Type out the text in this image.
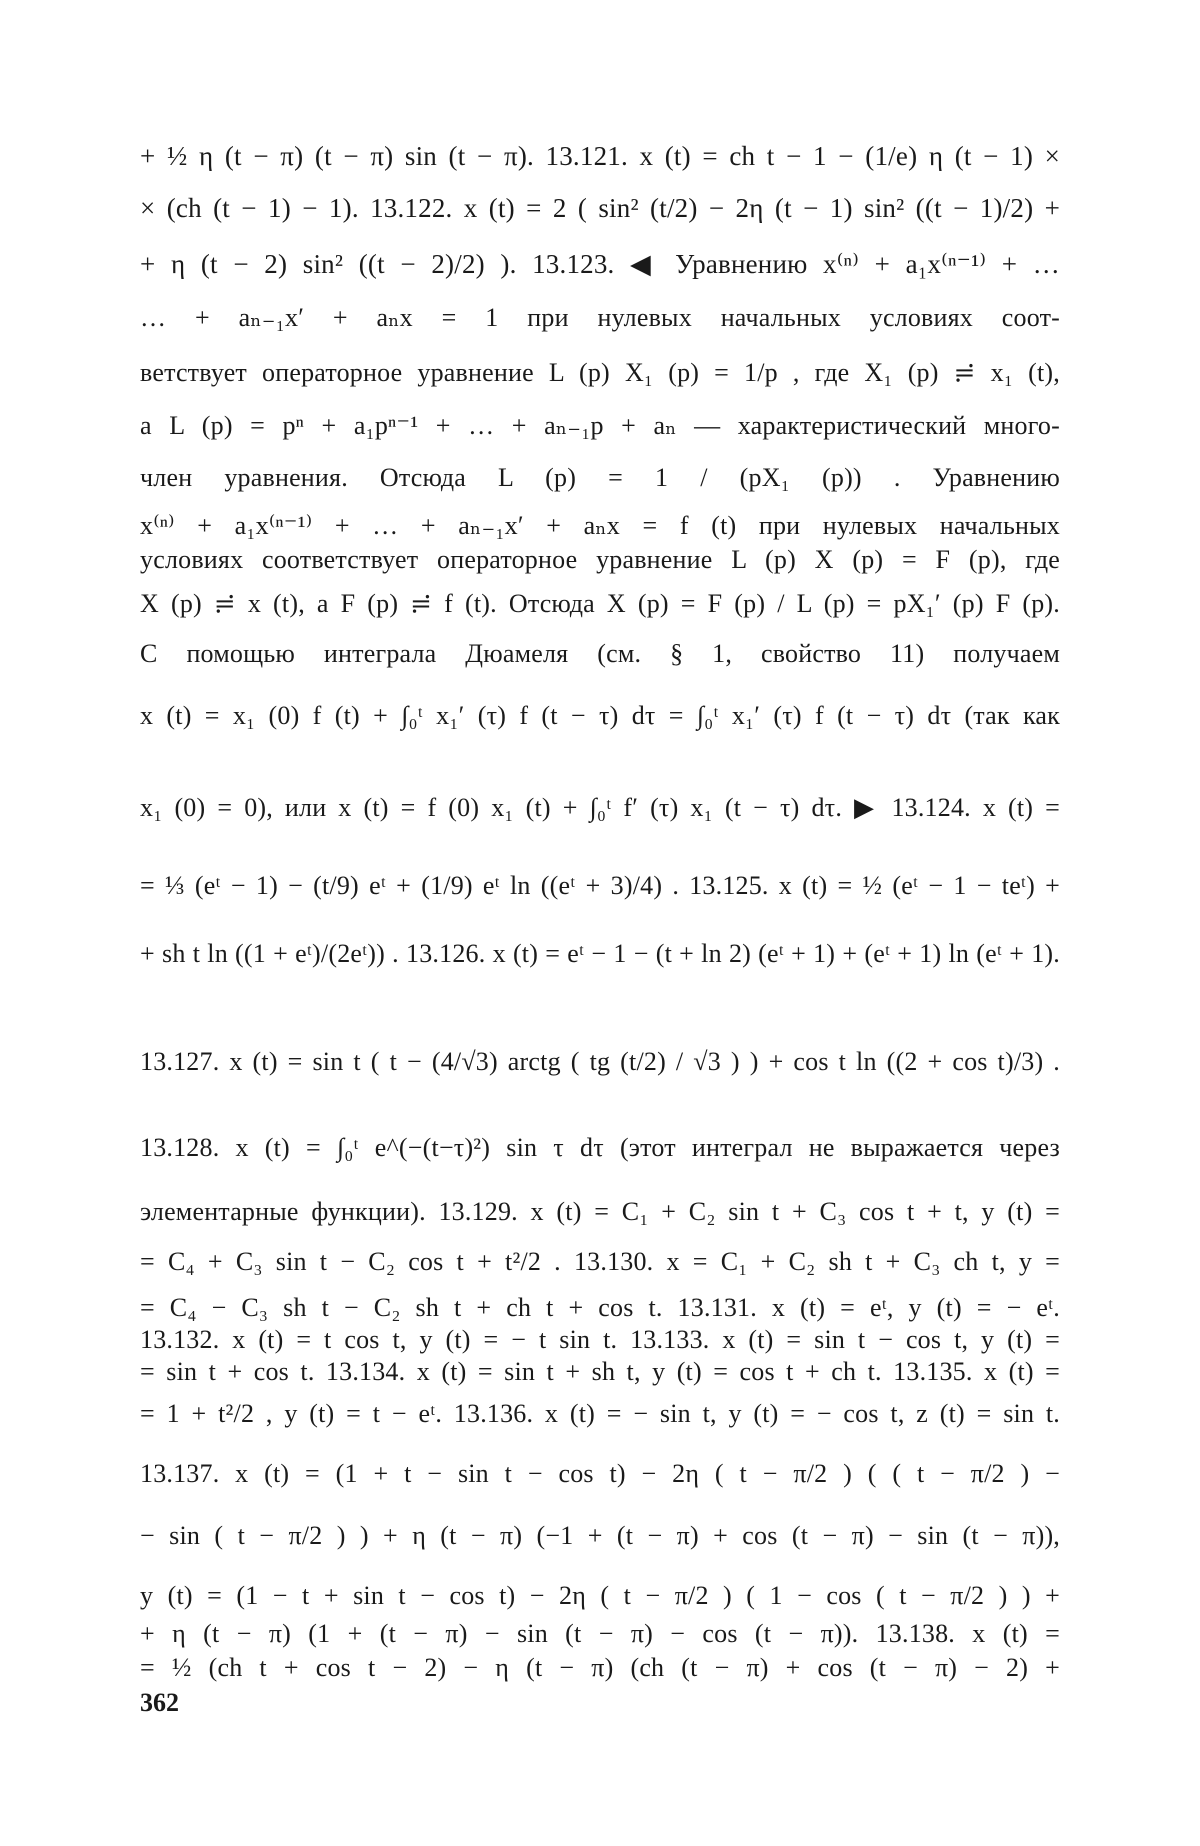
+ ½ η (t − π) (t − π) sin (t − π). 13.121. x (t) = ch t − 1 − (1/e) η (t − 1) ×
× (ch (t − 1) − 1). 13.122. x (t) = 2 ( sin² (t/2) − 2η (t − 1) sin² ((t − 1)/2) +
+ η (t − 2) sin² ((t − 2)/2) ). 13.123. ◀ Уравнению x⁽ⁿ⁾ + a₁x⁽ⁿ⁻¹⁾ + …
… + aₙ₋₁x′ + aₙx = 1 при нулевых начальных условиях соот-
ветствует операторное уравнение L (p) X₁ (p) = 1/p , где X₁ (p) ≓ x₁ (t),
а L (p) = pⁿ + a₁pⁿ⁻¹ + … + aₙ₋₁p + aₙ — характеристический много-
член уравнения. Отсюда L (p) = 1 / (pX₁ (p)) . Уравнению
x⁽ⁿ⁾ + a₁x⁽ⁿ⁻¹⁾ + … + aₙ₋₁x′ + aₙx = f (t) при нулевых начальных
условиях соответствует операторное уравнение L (p) X (p) = F (p), где
X (p) ≓ x (t), а F (p) ≓ f (t). Отсюда X (p) = F (p) / L (p) = pX₁′ (p) F (p).
С помощью интеграла Дюамеля (см. § 1, свойство 11) получаем
x (t) = x₁ (0) f (t) + ∫₀ᵗ x₁′ (τ) f (t − τ) dτ = ∫₀ᵗ x₁′ (τ) f (t − τ) dτ (так как
x₁ (0) = 0), или x (t) = f (0) x₁ (t) + ∫₀ᵗ f′ (τ) x₁ (t − τ) dτ. ▶ 13.124. x (t) =
= ⅓ (eᵗ − 1) − (t/9) eᵗ + (1/9) eᵗ ln ((eᵗ + 3)/4) . 13.125. x (t) = ½ (eᵗ − 1 − teᵗ) +
+ sh t ln ((1 + eᵗ)/(2eᵗ)) . 13.126. x (t) = eᵗ − 1 − (t + ln 2) (eᵗ + 1) + (eᵗ + 1) ln (eᵗ + 1).
13.127. x (t) = sin t ( t − (4/√3) arctg ( tg (t/2) / √3 ) ) + cos t ln ((2 + cos t)/3) .
13.128. x (t) = ∫₀ᵗ e^(−(t−τ)²) sin τ dτ (этот интеграл не выражается через
элементарные функции). 13.129. x (t) = C₁ + C₂ sin t + C₃ cos t + t, y (t) =
= C₄ + C₃ sin t − C₂ cos t + t²/2 . 13.130. x = C₁ + C₂ sh t + C₃ ch t, y =
= C₄ − C₃ sh t − C₂ sh t + ch t + cos t. 13.131. x (t) = eᵗ, y (t) = − eᵗ.
13.132. x (t) = t cos t, y (t) = − t sin t. 13.133. x (t) = sin t − cos t, y (t) =
= sin t + cos t. 13.134. x (t) = sin t + sh t, y (t) = cos t + ch t. 13.135. x (t) =
= 1 + t²/2 , y (t) = t − eᵗ. 13.136. x (t) = − sin t, y (t) = − cos t, z (t) = sin t.
13.137. x (t) = (1 + t − sin t − cos t) − 2η ( t − π/2 ) ( ( t − π/2 ) −
− sin ( t − π/2 ) ) + η (t − π) (−1 + (t − π) + cos (t − π) − sin (t − π)),
y (t) = (1 − t + sin t − cos t) − 2η ( t − π/2 ) ( 1 − cos ( t − π/2 ) ) +
+ η (t − π) (1 + (t − π) − sin (t − π) − cos (t − π)). 13.138. x (t) =
= ½ (ch t + cos t − 2) − η (t − π) (ch (t − π) + cos (t − π) − 2) +
362
